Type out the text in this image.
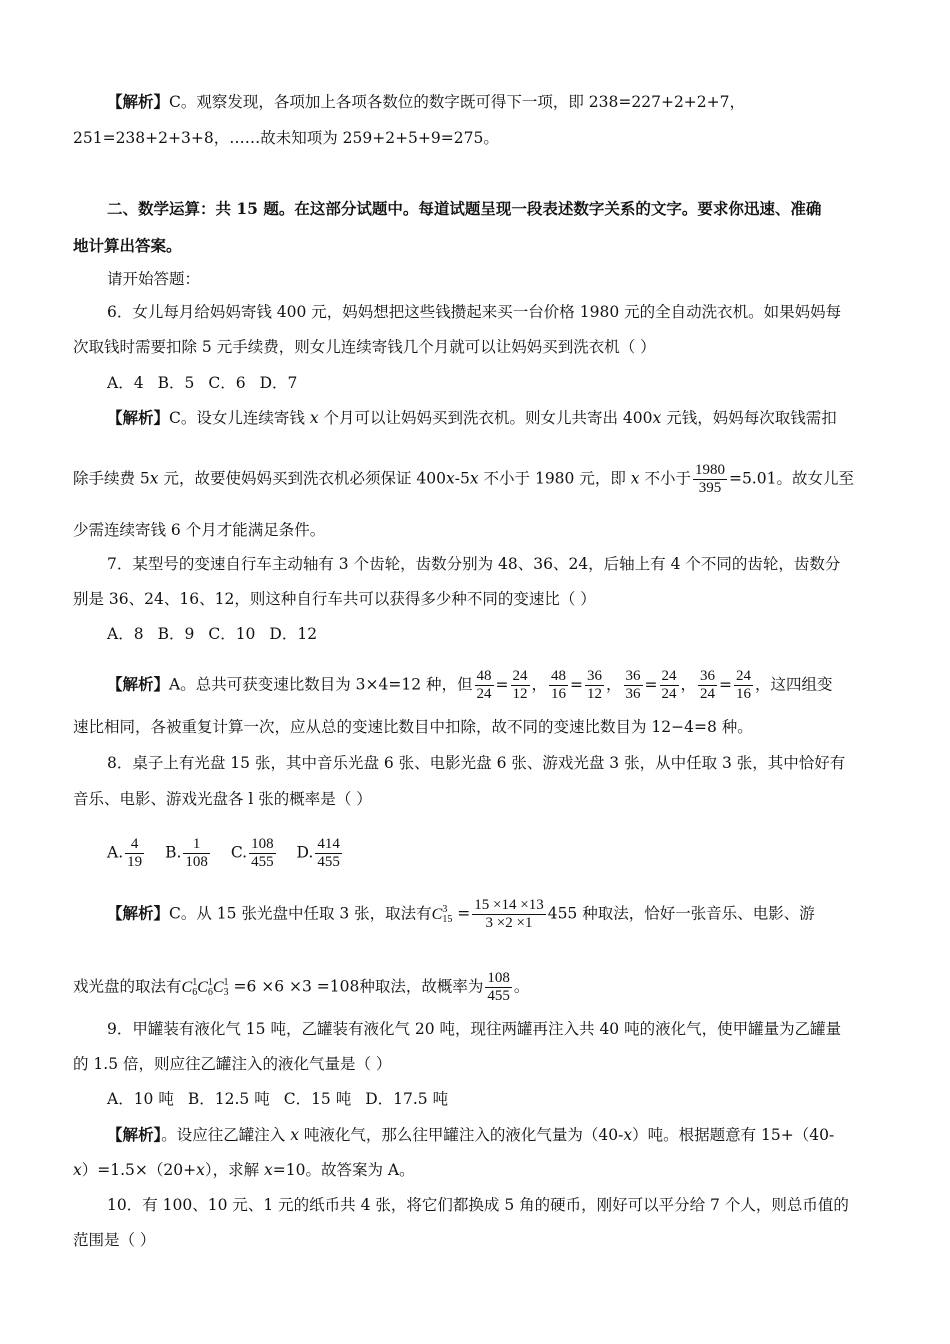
【解析】C。观察发现，各项加上各项各数位的数字既可得下一项，即 238=227+2+2+7，
251=238+2+3+8，……故未知项为 259+2+5+9=275。
二、数学运算：共 15 题。在这部分试题中。每道试题呈现一段表述数字关系的文字。要求你迅速、准确
地计算出答案。
请开始答题：
6．女儿每月给妈妈寄钱 400 元，妈妈想把这些钱攒起来买一台价格 1980 元的全自动洗衣机。如果妈妈每
次取钱时需要扣除 5 元手续费，则女儿连续寄钱几个月就可以让妈妈买到洗衣机（ ）
A．4 B．5 C．6 D．7
【解析】C。设女儿连续寄钱 x 个月可以让妈妈买到洗衣机。则女儿共寄出 400x 元钱，妈妈每次取钱需扣
除手续费 5x 元，故要使妈妈买到洗衣机必须保证 400x-5x 不小于 1980 元，即 x 不小于 $\frac{1980}{395} =5.01$。故女儿至
少需连续寄钱 6 个月才能满足条件。
7．某型号的变速自行车主动轴有 3 个齿轮，齿数分别为 48、36、24，后轴上有 4 个不同的齿轮，齿数分
别是 36、24、16、12，则这种自行车共可以获得多少种不同的变速比（ ）
A．8 B．9 C．10 D．12
【解析】A。总共可获变速比数目为 3×4=12 种，但 $\frac{48}{24} = \frac{24}{12}$ ， $\frac{48}{16} = \frac{36}{12}$ ， $\frac{36}{36} = \frac{24}{24}$ ， $\frac{36}{24} = \frac{24}{16}$ ，这四组变
速比相同，各被重复计算一次，应从总的变速比数目中扣除，故不同的变速比数目为 12−4=8 种。
8．桌子上有光盘 15 张，其中音乐光盘 6 张、电影光盘 6 张、游戏光盘 3 张，从中任取 3 张，其中恰好有
音乐、电影、游戏光盘各 l 张的概率是（ ）
A. $\frac{4}{19} B$. $\frac{1}{108} C$. $\frac{108}{455} D$. $\frac{414}{455}$
【解析】C。从 15 张光盘中任取 3 张，取法有C 3
$15 = \frac{15 \times 14 \times 13}{3 \times 2 \times 1} 455$ 种取法，恰好一张音乐、电影、游
戏光盘的取法有C 1
6 C 1
6 C 1
3 =6 ×6 ×3 =108种取法，故概率为 $\frac{108}{455}$ 。
9．甲罐装有液化气 15 吨，乙罐装有液化气 20 吨，现往两罐再注入共 40 吨的液化气，使甲罐量为乙罐量
的 1.5 倍，则应往乙罐注入的液化气量是（ ）
A．10 吨 B．12.5 吨 C．15 吨 D．17.5 吨
【解析】。设应往乙罐注入 x 吨液化气，那么往甲罐注入的液化气量为（40-x）吨。根据题意有 15+（40-
x）=1.5×（20+x），求解 x=10。故答案为 A。
10．有 100、10 元、1 元的纸币共 4 张，将它们都换成 5 角的硬币，刚好可以平分给 7 个人，则总币值的
范围是（ ）
